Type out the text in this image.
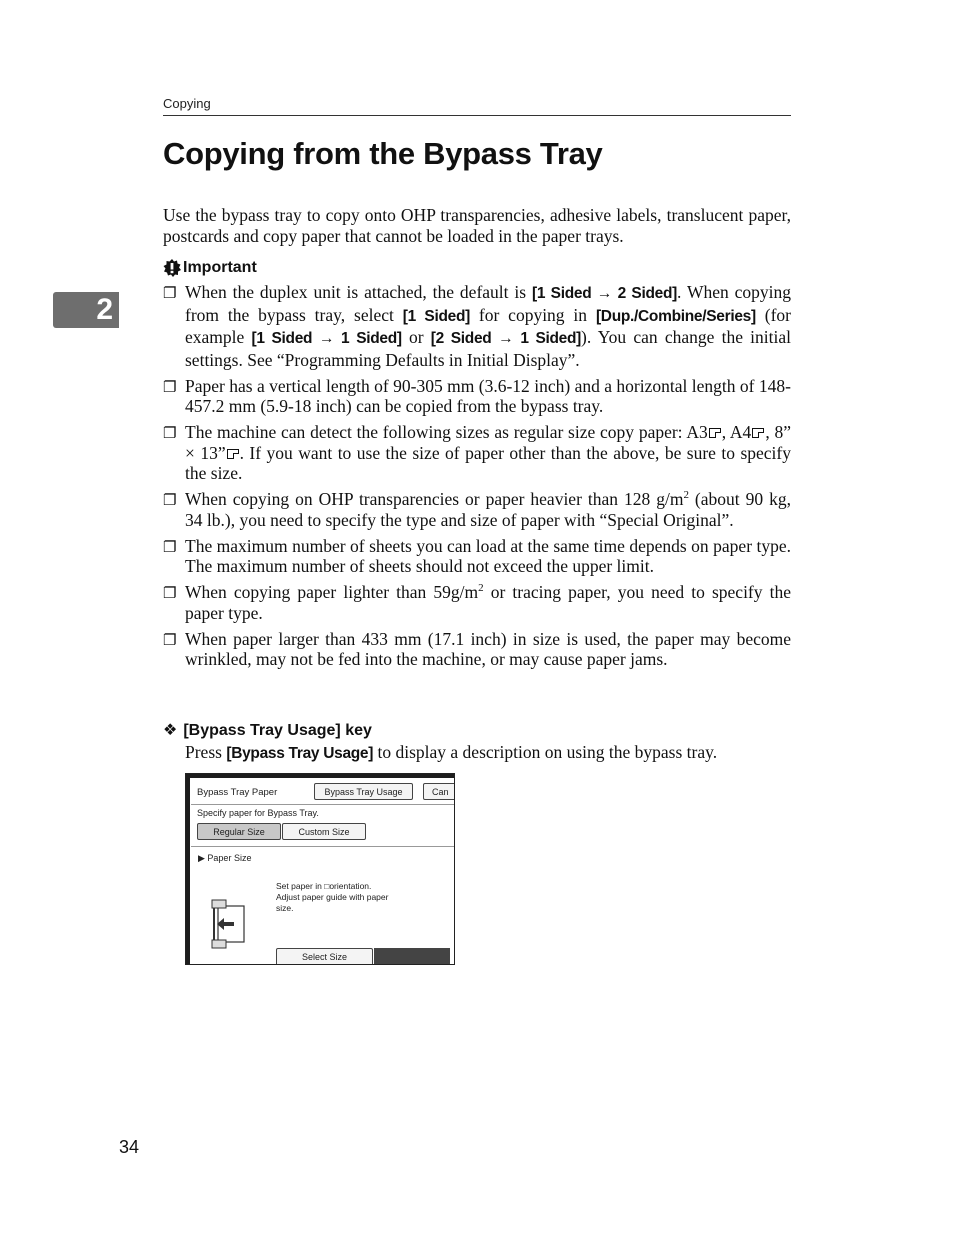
Copying
2
Copying from the Bypass Tray

Use the bypass tray to copy onto OHP transparencies, adhesive labels, translucent paper, postcards and copy paper that cannot be loaded in the paper trays.

Important
❐ When the duplex unit is attached, the default is [1 Sided → 2 Sided]. When copying from the bypass tray, select [1 Sided] for copying in [Dup./Combine/Series] (for example [1 Sided → 1 Sided] or [2 Sided → 1 Sided]). You can change the initial settings. See “Programming Defaults in Initial Display”.
❐ Paper has a vertical length of 90-305 mm (3.6-12 inch) and a horizontal length of 148-457.2 mm (5.9-18 inch) can be copied from the bypass tray.
❐ The machine can detect the following sizes as regular size copy paper: A3 , A4 , 8” × 13” . If you want to use the size of paper other than the above, be sure to specify the size.
❐ When copying on OHP transparencies or paper heavier than 128 $g/m^2$ (about 90 kg, 34 lb.), you need to specify the type and size of paper with “Special Original”.
❐ The maximum number of sheets you can load at the same time depends on paper type. The maximum number of sheets should not exceed the upper limit.
❐ When copying paper lighter than $59g/m^2$ or tracing paper, you need to specify the paper type.
❐ When paper larger than 433 mm (17.1 inch) in size is used, the paper may become wrinkled, may not be fed into the machine, or may cause paper jams.
❖ [Bypass Tray Usage] key

Press [Bypass Tray Usage] to display a description on using the bypass tray.

Bypass Tray Paper	Bypass Tray Usage	Can
Specify paper for Bypass Tray.
Regular Size	Custom Size
▶ Paper Size
Set paper in □orientation.
Adjust paper guide with paper
size.
Select Size
34
